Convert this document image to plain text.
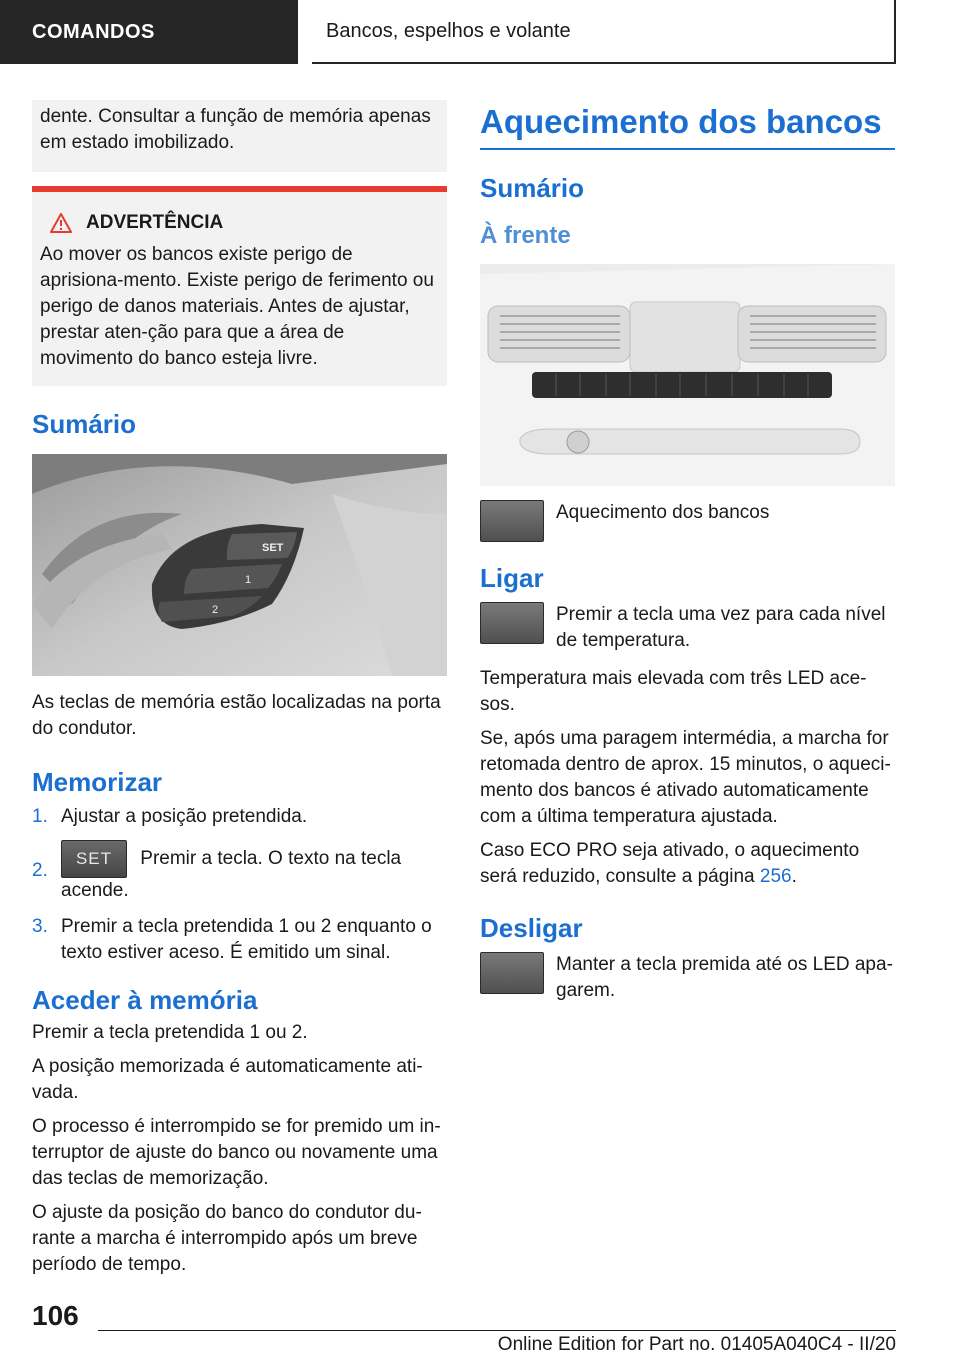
COMANDOS	Bancos, espelhos e volante
dente. Consultar a função de memória apenas em estado imobilizado.
ADVERTÊNCIA

Ao mover os bancos existe perigo de aprisiona-mento. Existe perigo de ferimento ou perigo de danos materiais. Antes de ajustar, prestar aten-ção para que a área de movimento do banco esteja livre.

Sumário
SET
1
2

As teclas de memória estão localizadas na porta do condutor.

Memorizar
1. Ajustar a posição pretendida.
2.
SET Premir a tecla. O texto na tecla acende.
3. Premir a tecla pretendida 1 ou 2 enquanto o texto estiver aceso. É emitido um sinal.
Aceder à memória

Premir a tecla pretendida 1 ou 2.

A posição memorizada é automaticamente ati-vada.

O processo é interrompido se for premido um in-terruptor de ajuste do banco ou novamente uma das teclas de memorização.

O ajuste da posição do banco do condutor du-rante a marcha é interrompido após um breve período de tempo.

Aquecimento dos bancos
Sumário
À frente

Aquecimento dos bancos

Ligar

Premir a tecla uma vez para cada nível de temperatura.

Temperatura mais elevada com três LED ace-sos.

Se, após uma paragem intermédia, a marcha for retomada dentro de aprox. 15 minutos, o aqueci-mento dos bancos é ativado automaticamente com a última temperatura ajustada.

Caso ECO PRO seja ativado, o aquecimento será reduzido, consulte a página 256.

Desligar

Manter a tecla premida até os LED apa-garem.

106
Online Edition for Part no. 01405A040C4 - II/20
